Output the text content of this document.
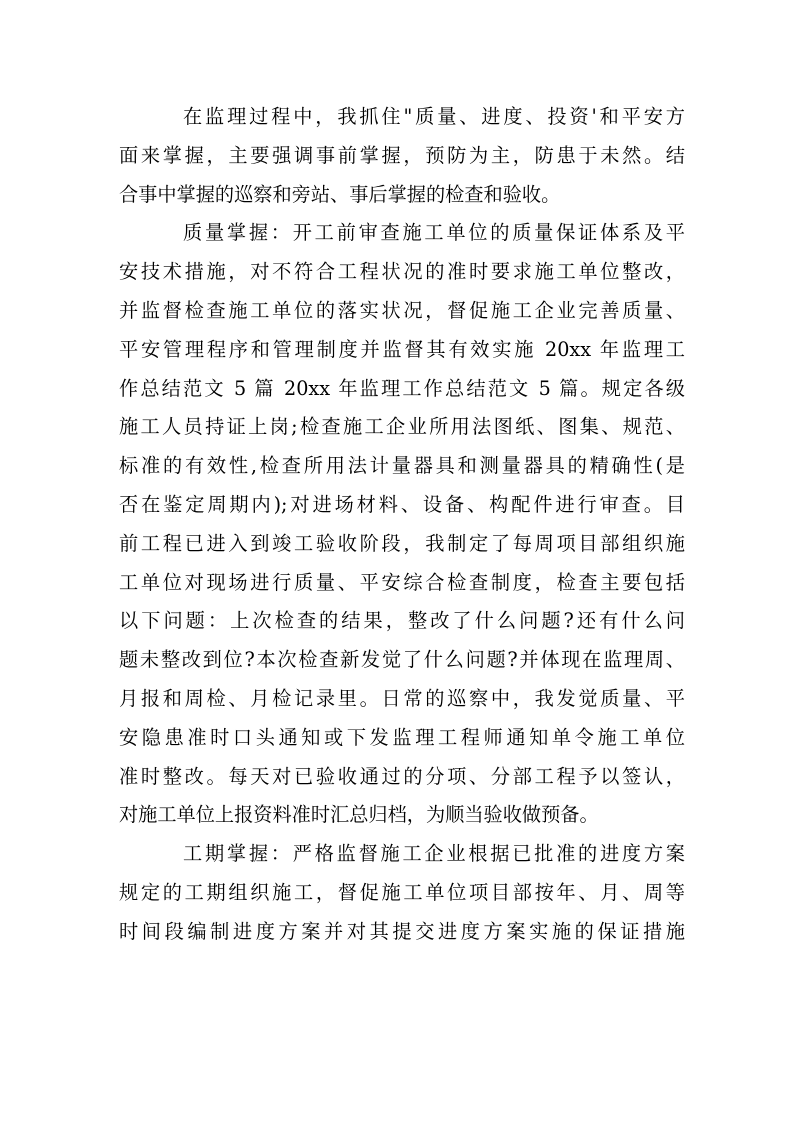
在监理过程中，我抓住"质量、进度、投资'和平安方
面来掌握，主要强调事前掌握，预防为主，防患于未然。结
合事中掌握的巡察和旁站、事后掌握的检查和验收。
质量掌握：开工前审查施工单位的质量保证体系及平
安技术措施，对不符合工程状况的准时要求施工单位整改，
并监督检查施工单位的落实状况，督促施工企业完善质量、
平安管理程序和管理制度并监督其有效实施 20xx 年监理工
作总结范文 5 篇 20xx 年监理工作总结范文 5 篇。规定各级
施工人员持证上岗;检查施工企业所用法图纸、图集、规范、
标准的有效性,检查所用法计量器具和测量器具的精确性(是
否在鉴定周期内);对进场材料、设备、构配件进行审查。目
前工程已进入到竣工验收阶段，我制定了每周项目部组织施
工单位对现场进行质量、平安综合检查制度，检查主要包括
以下问题：上次检查的结果，整改了什么问题?还有什么问
题未整改到位?本次检查新发觉了什么问题?并体现在监理周、
月报和周检、月检记录里。日常的巡察中，我发觉质量、平
安隐患准时口头通知或下发监理工程师通知单令施工单位
准时整改。每天对已验收通过的分项、分部工程予以签认，
对施工单位上报资料准时汇总归档，为顺当验收做预备。
工期掌握：严格监督施工企业根据已批准的进度方案
规定的工期组织施工，督促施工单位项目部按年、月、周等
时间段编制进度方案并对其提交进度方案实施的保证措施
